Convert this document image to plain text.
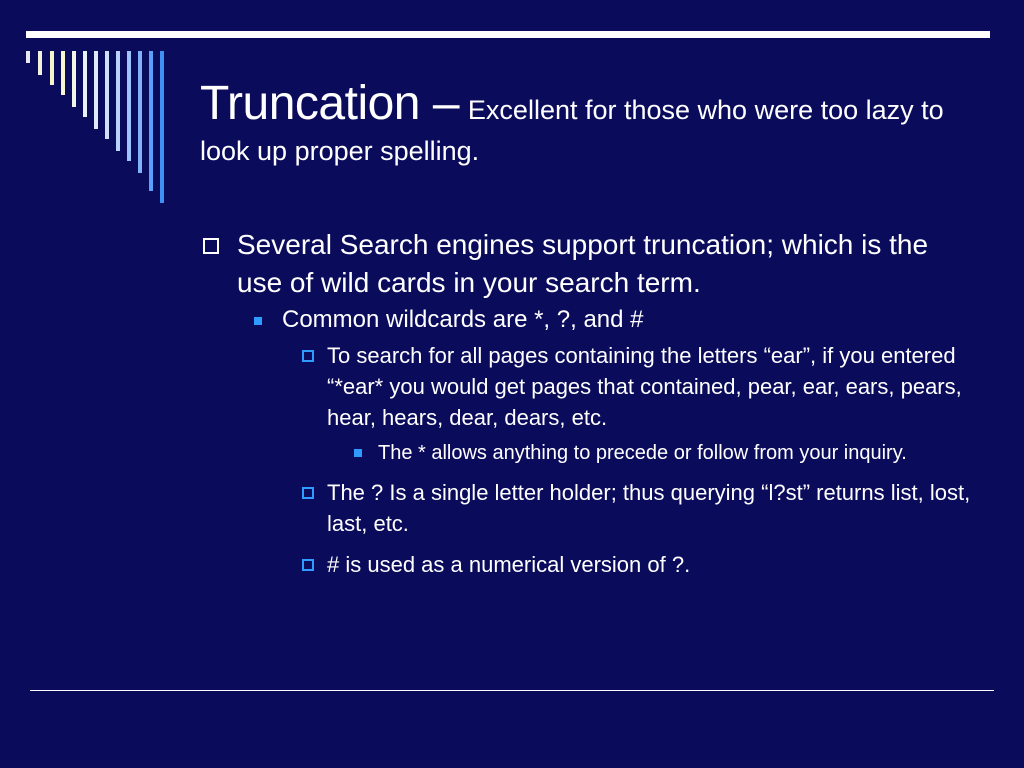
Truncation – Excellent for those who were too lazy to look up proper spelling.
Several Search engines support truncation; which is the use of wild cards in your search term.
Common wildcards are *, ?, and #
To search for all pages containing the letters “ear”, if you entered “*ear* you would get pages that contained, pear, ear, ears, pears, hear, hears, dear, dears, etc.
The * allows anything to precede or follow from your inquiry.
The ? Is a single letter holder; thus querying “l?st” returns list, lost, last, etc.
# is used as a numerical version of ?.
